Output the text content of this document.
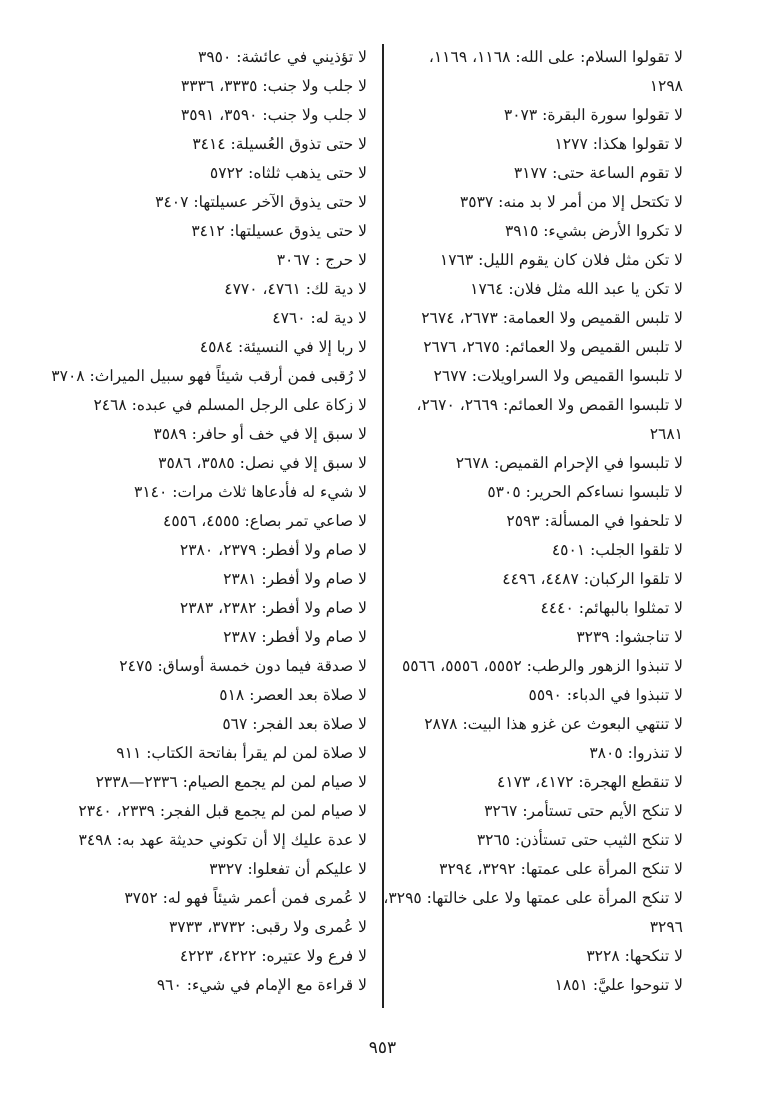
لا تقولوا السلام: على الله: ١١٦٨، ١١٦٩،

١٢٩٨

لا تقولوا سورة البقرة: ٣٠٧٣

لا تقولوا هكذا: ١٢٧٧

لا تقوم الساعة حتى: ٣١٧٧

لا تكتحل إلا من أمر لا بد منه: ٣٥٣٧

لا تكروا الأرض بشيء: ٣٩١٥

لا تكن مثل فلان كان يقوم الليل: ١٧٦٣

لا تكن يا عبد الله مثل فلان: ١٧٦٤

لا تلبس القميص ولا العمامة: ٢٦٧٣، ٢٦٧٤

لا تلبس القميص ولا العمائم: ٢٦٧٥، ٢٦٧٦

لا تلبسوا القميص ولا السراويلات: ٢٦٧٧

لا تلبسوا القمص ولا العمائم: ٢٦٦٩، ٢٦٧٠،

٢٦٨١

لا تلبسوا في الإحرام القميص: ٢٦٧٨

لا تلبسوا نساءكم الحرير: ٥٣٠٥

لا تلحفوا في المسألة: ٢٥٩٣

لا تلقوا الجلب: ٤٥٠١

لا تلقوا الركبان: ٤٤٨٧، ٤٤٩٦

لا تمثلوا بالبهائم: ٤٤٤٠

لا تناجشوا: ٣٢٣٩

لا تنبذوا الزهور والرطب: ٥٥٥٢، ٥٥٥٦، ٥٥٦٦

لا تنبذوا في الدباء: ٥٥٩٠

لا تنتهي البعوث عن غزو هذا البيت: ٢٨٧٨

لا تنذروا: ٣٨٠٥

لا تنقطع الهجرة: ٤١٧٢، ٤١٧٣

لا تنكح الأيم حتى تستأمر: ٣٢٦٧

لا تنكح الثيب حتى تستأذن: ٣٢٦٥

لا تنكح المرأة على عمتها: ٣٢٩٢، ٣٢٩٤

لا تنكح المرأة على عمتها ولا على خالتها: ٣٢٩٥،

٣٢٩٦

لا تنكحها: ٣٢٢٨

لا تنوحوا عليَّ: ١٨٥١

لا تؤذيني في عائشة: ٣٩٥٠

لا جلب ولا جنب: ٣٣٣٥، ٣٣٣٦

لا جلب ولا جنب: ٣٥٩٠، ٣٥٩١

لا حتى تذوق العُسيلة: ٣٤١٤

لا حتى يذهب ثلثاه: ٥٧٢٢

لا حتى يذوق الآخر عسيلتها: ٣٤٠٧

لا حتى يذوق عسيلتها: ٣٤١٢

لا حرج : ٣٠٦٧

لا دية لك: ٤٧٦١، ٤٧٧٠

لا دية له: ٤٧٦٠

لا ربا إلا في النسيئة: ٤٥٨٤

لا رُقبى فمن أرقب شيئاً فهو سبيل الميراث: ٣٧٠٨

لا زكاة على الرجل المسلم في عبده: ٢٤٦٨

لا سبق إلا في خف أو حافر: ٣٥٨٩

لا سبق إلا في نصل: ٣٥٨٥، ٣٥٨٦

لا شيء له فأدعاها ثلاث مرات: ٣١٤٠

لا صاعي تمر بصاع: ٤٥٥٥، ٤٥٥٦

لا صام ولا أفطر: ٢٣٧٩، ٢٣٨٠

لا صام ولا أفطر: ٢٣٨١

لا صام ولا أفطر: ٢٣٨٢، ٢٣٨٣

لا صام ولا أفطر: ٢٣٨٧

لا صدقة فيما دون خمسة أوساق: ٢٤٧٥

لا صلاة بعد العصر: ٥١٨

لا صلاة بعد الفجر: ٥٦٧

لا صلاة لمن لم يقرأ بفاتحة الكتاب: ٩١١

لا صيام لمن لم يجمع الصيام: ٢٣٣٦—٢٣٣٨

لا صيام لمن لم يجمع قبل الفجر: ٢٣٣٩، ٢٣٤٠

لا عدة عليك إلا أن تكوني حديثة عهد به: ٣٤٩٨

لا عليكم أن تفعلوا: ٣٣٢٧

لا عُمرى فمن أعمر شيئاً فهو له: ٣٧٥٢

لا عُمرى ولا رقبى: ٣٧٣٢، ٣٧٣٣

لا فرع ولا عتيره: ٤٢٢٢، ٤٢٢٣

لا قراءة مع الإمام في شيء: ٩٦٠

٩٥٣
